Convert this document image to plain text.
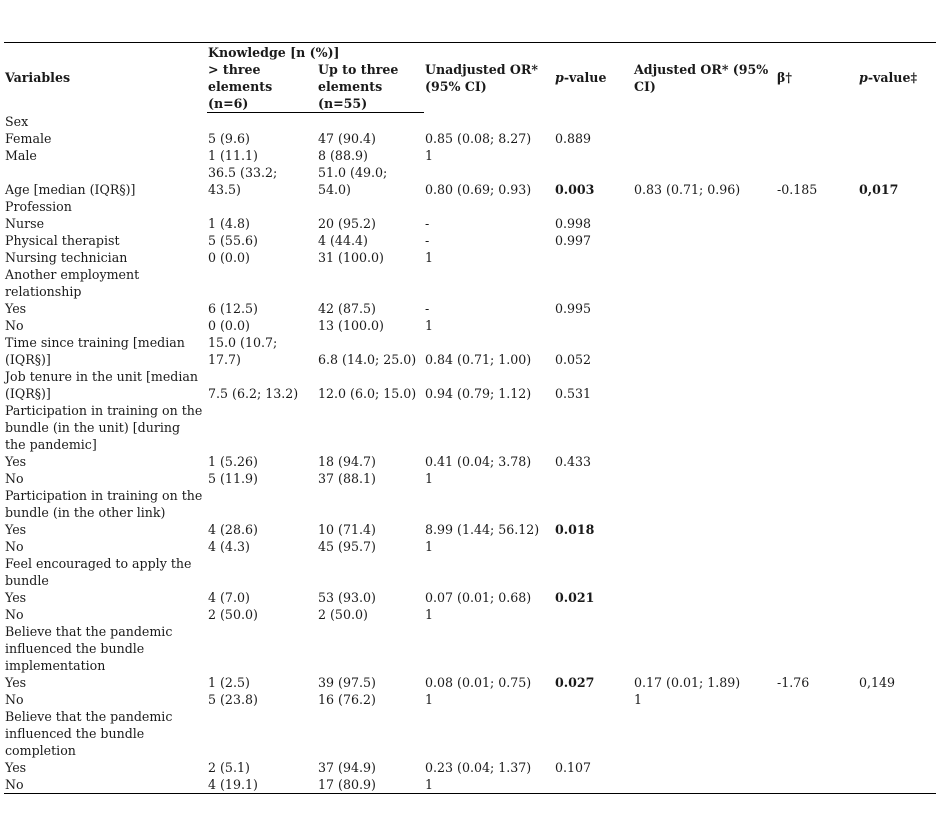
Variables	Knowledge [n (%)]		Unadjusted OR* (95% CI)	p-value	Adjusted OR* (95% CI)	β†	p-value‡
	> three elements (n=6)	Up to three elements (n=55)					
Sex							
Female	5 (9.6)	47 (90.4)	0.85 (0.08; 8.27)	0.889			
Male	1 (11.1)	8 (88.9)	1				
Age [median (IQR§)]	36.5 (33.2; 43.5)	51.0 (49.0; 54.0)	0.80 (0.69; 0.93)	0.003	0.83 (0.71; 0.96)	-0.185	0,017
Profession							
Nurse	1 (4.8)	20 (95.2)	-	0.998			
Physical therapist	5 (55.6)	4 (44.4)	-	0.997			
Nursing technician	0 (0.0)	31 (100.0)	1				
Another employment relationship							
Yes	6 (12.5)	42 (87.5)	-	0.995			
No	0 (0.0)	13 (100.0)	1				
Time since training [median (IQR§)]	15.0 (10.7; 17.7)	6.8 (14.0; 25.0)	0.84 (0.71; 1.00)	0.052			
Job tenure in the unit [median (IQR§)]	7.5 (6.2; 13.2)	12.0 (6.0; 15.0)	0.94 (0.79; 1.12)	0.531			
Participation in training on the bundle (in the unit) [during the pandemic]							
Yes	1 (5.26)	18 (94.7)	0.41 (0.04; 3.78)	0.433			
No	5 (11.9)	37 (88.1)	1				
Participation in training on the bundle (in the other link)							
Yes	4 (28.6)	10 (71.4)	8.99 (1.44; 56.12)	0.018			
No	4 (4.3)	45 (95.7)	1				
Feel encouraged to apply the bundle							
Yes	4 (7.0)	53 (93.0)	0.07 (0.01; 0.68)	0.021			
No	2 (50.0)	2 (50.0)	1				
Believe that the pandemic influenced the bundle implementation							
Yes	1 (2.5)	39 (97.5)	0.08 (0.01; 0.75)	0.027	0.17 (0.01; 1.89)	-1.76	0,149
No	5 (23.8)	16 (76.2)	1		1		
Believe that the pandemic influenced the bundle completion							
Yes	2 (5.1)	37 (94.9)	0.23 (0.04; 1.37)	0.107			
No	4 (19.1)	17 (80.9)	1				
